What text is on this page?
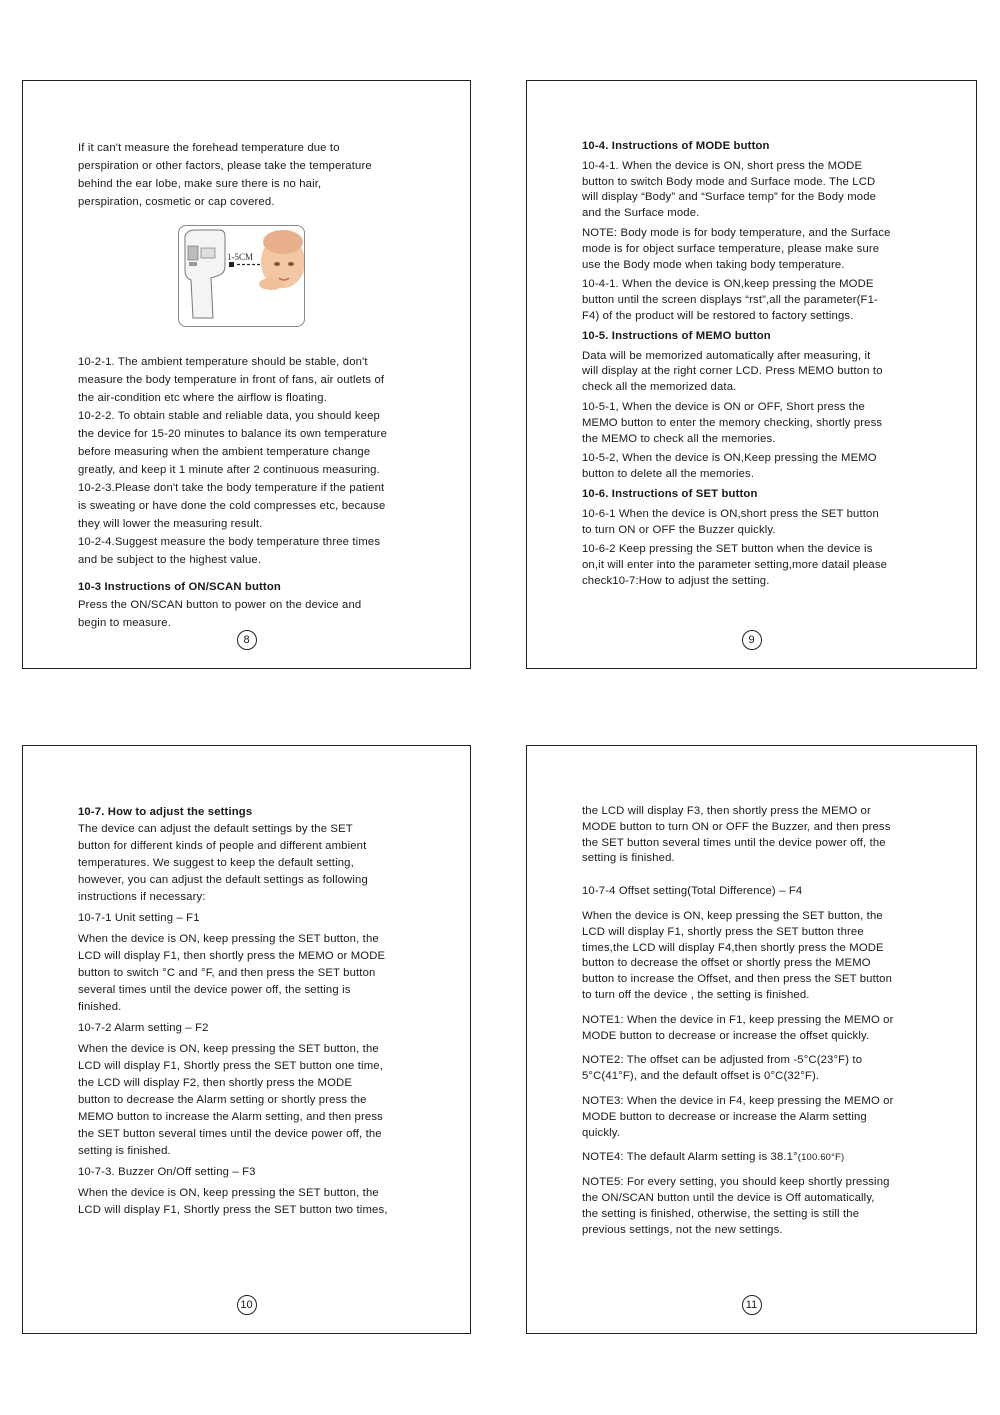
If it can't measure the forehead temperature due to
perspiration or other factors, please take the temperature
behind the ear lobe, make sure there is no hair,
perspiration, cosmetic or cap covered.

10-2-1. The ambient temperature should be stable, don't
measure the body temperature in front of fans, air outlets of
the air-condition etc where the airflow is floating.
10-2-2. To obtain stable and reliable data, you should keep
the device for 15-20 minutes to balance its own temperature
before measuring when the ambient temperature change
greatly, and keep it 1 minute after 2 continuous measuring.
10-2-3.Please don't take the body temperature if the patient
is sweating or have done the cold compresses etc, because
they will lower the measuring result.
10-2-4.Suggest measure the body temperature three times
and be subject to the highest value.

10-3 Instructions of ON/SCAN button

Press the ON/SCAN button to power on the device and
begin to measure.

1-5CM
8

10-4. Instructions of MODE button

10-4-1. When the device is ON, short press the MODE
button to switch Body mode and Surface mode. The LCD
will display “Body” and “Surface temp” for the Body mode
and the Surface mode.

NOTE: Body mode is for body temperature, and the Surface
mode is for object surface temperature, please make sure
use the Body mode when taking body temperature.

10-4-1. When the device is ON,keep pressing the MODE
button until the screen displays “rst”,all the parameter(F1-
F4) of the product will be restored to factory settings.

10-5. Instructions of MEMO button

Data will be memorized automatically after measuring, it
will display at the right corner LCD. Press MEMO button to
check all the memorized data.

10-5-1, When the device is ON or OFF, Short press the
MEMO button to enter the memory checking, shortly press
the MEMO to check all the memories.

10-5-2, When the device is ON,Keep pressing the MEMO
button to delete all the memories.

10-6. Instructions of SET button

10-6-1 When the device is ON,short press the SET button
to turn ON or OFF the Buzzer quickly.

10-6-2 Keep pressing the SET button when the device is
on,it will enter into the parameter setting,more datail please
check10-7:How to adjust the setting.

9

10-7. How to adjust the settings

The device can adjust the default settings by the SET
button for different kinds of people and different ambient
temperatures. We suggest to keep the default setting,
however, you can adjust the default settings as following
instructions if necessary:

10-7-1 Unit setting – F1

When the device is ON, keep pressing the SET button, the
LCD will display F1, then shortly press the MEMO or MODE
button to switch °C and °F, and then press the SET button
several times until the device power off, the setting is
finished.

10-7-2 Alarm setting – F2

When the device is ON, keep pressing the SET button, the
LCD will display F1, Shortly press the SET button one time,
the LCD will display F2, then shortly press the MODE
button to decrease the Alarm setting or shortly press the
MEMO button to increase the Alarm setting, and then press
the SET button several times until the device power off, the
setting is finished.

10-7-3. Buzzer On/Off setting – F3

When the device is ON, keep pressing the SET button, the
LCD will display F1, Shortly press the SET button two times,

10

the LCD will display F3, then shortly press the MEMO or
MODE button to turn ON or OFF the Buzzer, and then press
the SET button several times until the device power off, the
setting is finished.

10-7-4 Offset setting(Total Difference) – F4

When the device is ON, keep pressing the SET button, the
LCD will display F1, shortly press the SET button three
times,the LCD will display F4,then shortly press the MODE
button to decrease the offset or shortly press the MEMO
button to increase the Offset, and then press the SET button
to turn off the device , the setting is finished.

NOTE1: When the device in F1, keep pressing the MEMO or
MODE button to decrease or increase the offset quickly.

NOTE2: The offset can be adjusted from -5°C(23°F) to
5°C(41°F), and the default offset is 0°C(32°F).

NOTE3: When the device in F4, keep pressing the MEMO or
MODE button to decrease or increase the Alarm setting
quickly.

NOTE4: The default Alarm setting is 38.1°(100.60°F)

NOTE5: For every setting, you should keep shortly pressing
the ON/SCAN button until the device is Off automatically,
the setting is finished, otherwise, the setting is still the
previous settings, not the new settings.

11
